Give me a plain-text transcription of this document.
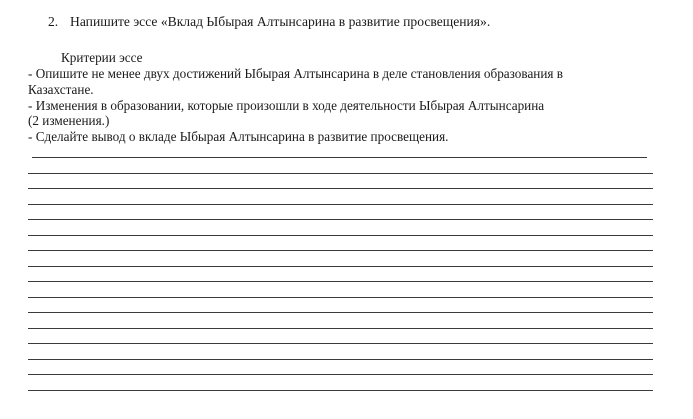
2. Напишите эссе «Вклад Ыбырая Алтынсарина в развитие просвещения».
Критерии эссе
- Опишите не менее двух достижений Ыбырая Алтынсарина в деле становления образования в
Казахстане.
- Изменения в образовании, которые произошли в ходе деятельности Ыбырая Алтынсарина
(2 изменения.)
- Сделайте вывод о вкладе Ыбырая Алтынсарина в развитие просвещения.
